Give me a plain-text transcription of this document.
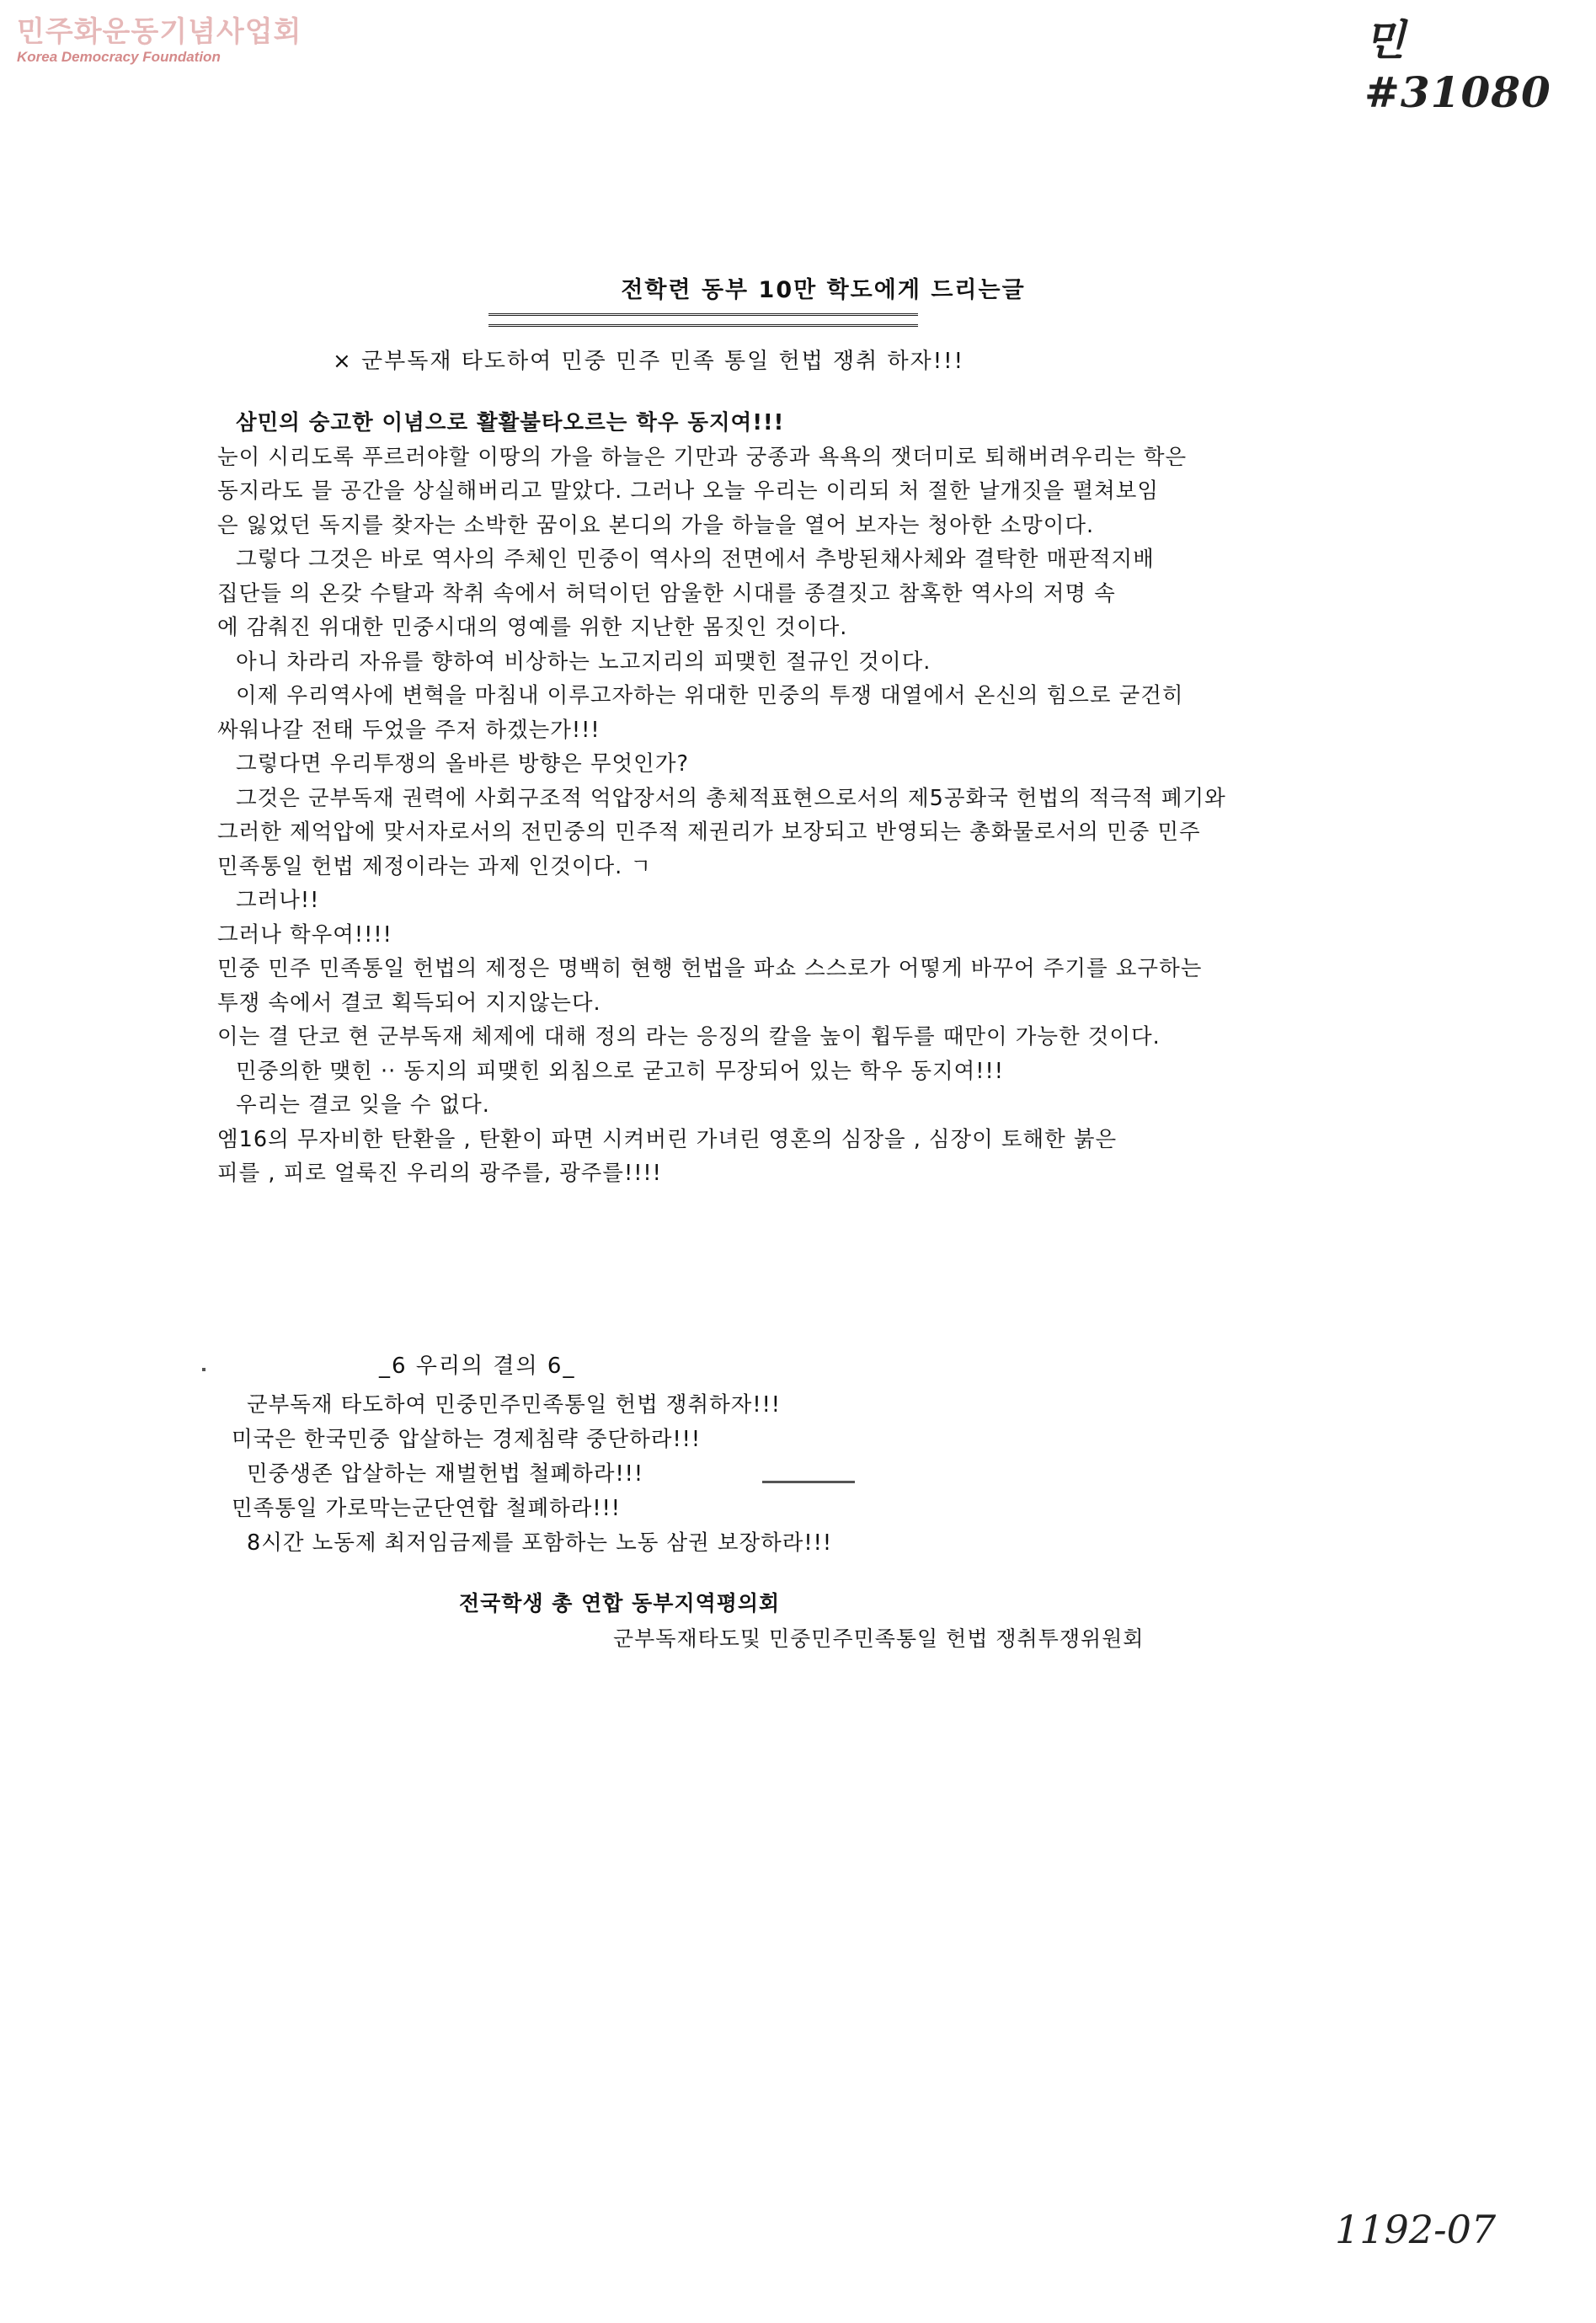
민주화운동기념사업회
Korea Democracy Foundation	민 #31080
전학련 동부 10만 학도에게 드리는글
× 군부독재 타도하여 민중 민주 민족 통일 헌법 쟁취 하자!!!
삼민의 숭고한 이념으로 활활불타오르는 학우 동지여!!!
눈이 시리도록 푸르러야할 이땅의 가을 하늘은 기만과 궁종과 욕욕의 잿더미로 퇴해버려우리는 학은
동지라도 믈 공간을 상실해버리고 말았다. 그러나 오늘 우리는 이리되 처 절한 날개짓을 펼쳐보임
은 잃었던 독지를 찾자는 소박한 꿈이요 본디의 가을 하늘을 열어 보자는 청아한 소망이다.
그렇다 그것은 바로 역사의 주체인 민중이 역사의 전면에서 추방된채사체와 결탁한 매판적지배
집단들 의 온갖 수탈과 착취 속에서 허덕이던 암울한 시대를 종결짓고 참혹한 역사의 저명 속
에 감춰진 위대한 민중시대의 영예를 위한 지난한 몸짓인 것이다.
아니 차라리 자유를 향하여 비상하는 노고지리의 피맺힌 절규인 것이다.
이제 우리역사에 변혁을 마침내 이루고자하는 위대한 민중의 투쟁 대열에서 온신의 힘으로 굳건히
싸워나갈 전태 두었을 주저 하겠는가!!!
그렇다면 우리투쟁의 올바른 방향은 무엇인가?
그것은 군부독재 권력에 사회구조적 억압장서의 총체적표현으로서의 제5공화국 헌법의 적극적 폐기와
그러한 제억압에 맞서자로서의 전민중의 민주적 제권리가 보장되고 반영되는 총화물로서의 민중 민주
민족통일 헌법 제정이라는 과제 인것이다. ㄱ
그러나!!
그러나 학우여!!!!
민중 민주 민족통일 헌법의 제정은 명백히 현행 헌법을 파쇼 스스로가 어떻게 바꾸어 주기를 요구하는
투쟁 속에서 결코 획득되어 지지않는다.
이는 결 단코 현 군부독재 체제에 대해 정의 라는 응징의 칼을 높이 휩두를 때만이 가능한 것이다.
민중의한 맺힌 ·· 동지의 피맺힌 외침으로 굳고히 무장되어 있는 학우 동지여!!!
우리는 결코 잊을 수 없다.
엠16의 무자비한 탄환을 , 탄환이 파면 시켜버린 가녀린 영혼의 심장을 , 심장이 토해한 붉은
피를 , 피로 얼룩진 우리의 광주를, 광주를!!!!
_6 우리의 결의 6_
군부독재 타도하여 민중민주민족통일 헌법 쟁취하자!!!
미국은 한국민중 압살하는 경제침략 중단하라!!!
민중생존 압살하는 재벌헌법 철폐하라!!!
민족통일 가로막는군단연합 철폐하라!!!
8시간 노동제 최저임금제를 포함하는 노동 삼권 보장하라!!!
전국학생 총 연합 동부지역평의회
군부독재타도및 민중민주민족통일 헌법 쟁취투쟁위원회
1192-07
